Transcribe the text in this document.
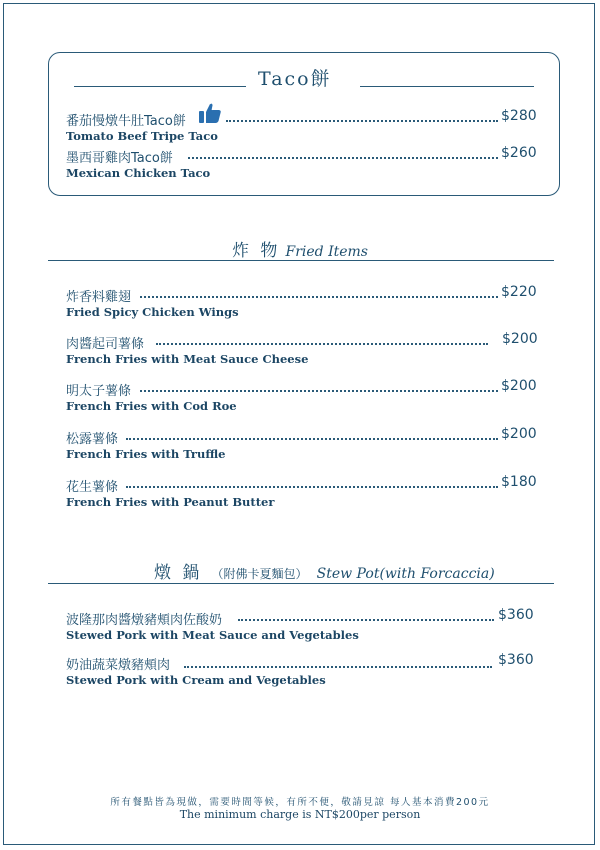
Taco餅
番茄慢燉牛肚Taco餅	$280
Tomato Beef Tripe Taco
墨西哥雞肉Taco餅	$260
Mexican Chicken Taco
炸 物 Fried Items
炸香料雞翅	$220
Fried Spicy Chicken Wings
肉醬起司薯條	$200
French Fries with Meat Sauce Cheese
明太子薯條	$200
French Fries with Cod Roe
松露薯條	$200
French Fries with Truffle
花生薯條	$180
French Fries with Peanut Butter
燉 鍋 （附佛卡夏麵包） Stew Pot(with Forcaccia)
波隆那肉醬燉豬頰肉佐酸奶	$360
Stewed Pork with Meat Sauce and Vegetables
奶油蔬菜燉豬頰肉	$360
Stewed Pork with Cream and Vegetables
所有餐點皆為現做，需要時間等候，有所不便，敬請見諒 每人基本消費200元
The minimum charge is NT$200per person
